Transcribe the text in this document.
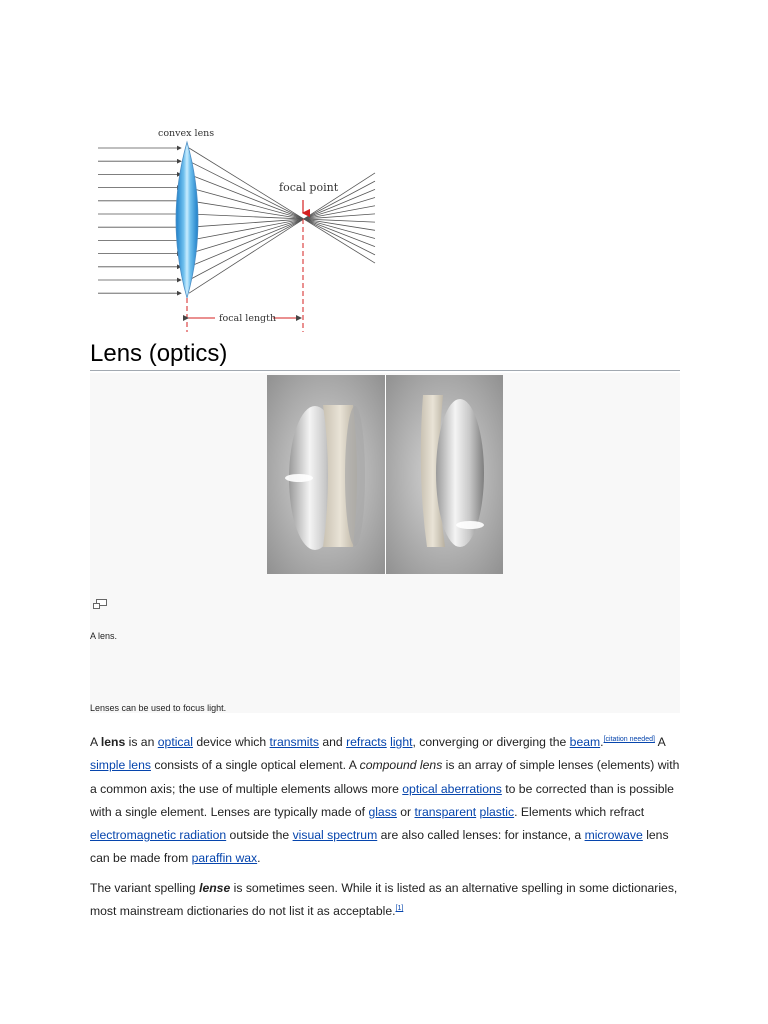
convex lens
focal point
focal length
Lens (optics)
A lens.
Lenses can be used to focus light.

A lens is an optical device which transmits and refracts light, converging or diverging the beam.[citation needed] A simple lens consists of a single optical element. A compound lens is an array of simple lenses (elements) with a common axis; the use of multiple elements allows more optical aberrations to be corrected than is possible with a single element. Lenses are typically made of glass or transparent plastic. Elements which refract electromagnetic radiation outside the visual spectrum are also called lenses: for instance, a microwave lens can be made from paraffin wax.

The variant spelling lense is sometimes seen. While it is listed as an alternative spelling in some dictionaries, most mainstream dictionaries do not list it as acceptable.[1]
